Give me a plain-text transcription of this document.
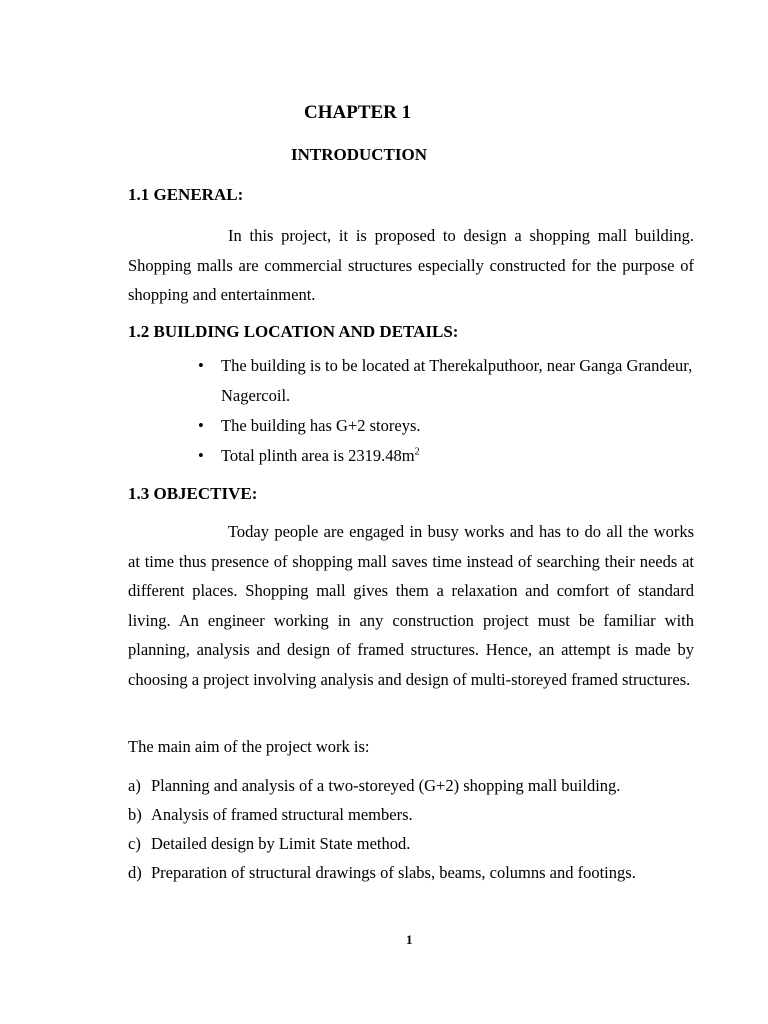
CHAPTER 1
INTRODUCTION
1.1 GENERAL:
In this project, it is proposed to design a shopping mall building. Shopping malls are commercial structures especially constructed for the purpose of shopping and entertainment.
1.2 BUILDING LOCATION AND DETAILS:
• The building is to be located at Therekalputhoor, near Ganga Grandeur, Nagercoil.
• The building has G+2 storeys.
• Total plinth area is $2319.48m^2$
1.3 OBJECTIVE:
Today people are engaged in busy works and has to do all the works at time thus presence of shopping mall saves time instead of searching their needs at different places. Shopping mall gives them a relaxation and comfort of standard living. An engineer working in any construction project must be familiar with planning, analysis and design of framed structures. Hence, an attempt is made by choosing a project involving analysis and design of multi-storeyed framed structures.
The main aim of the project work is:
a) Planning and analysis of a two-storeyed (G+2) shopping mall building.
b) Analysis of framed structural members.
c) Detailed design by Limit State method.
d) Preparation of structural drawings of slabs, beams, columns and footings.
1
